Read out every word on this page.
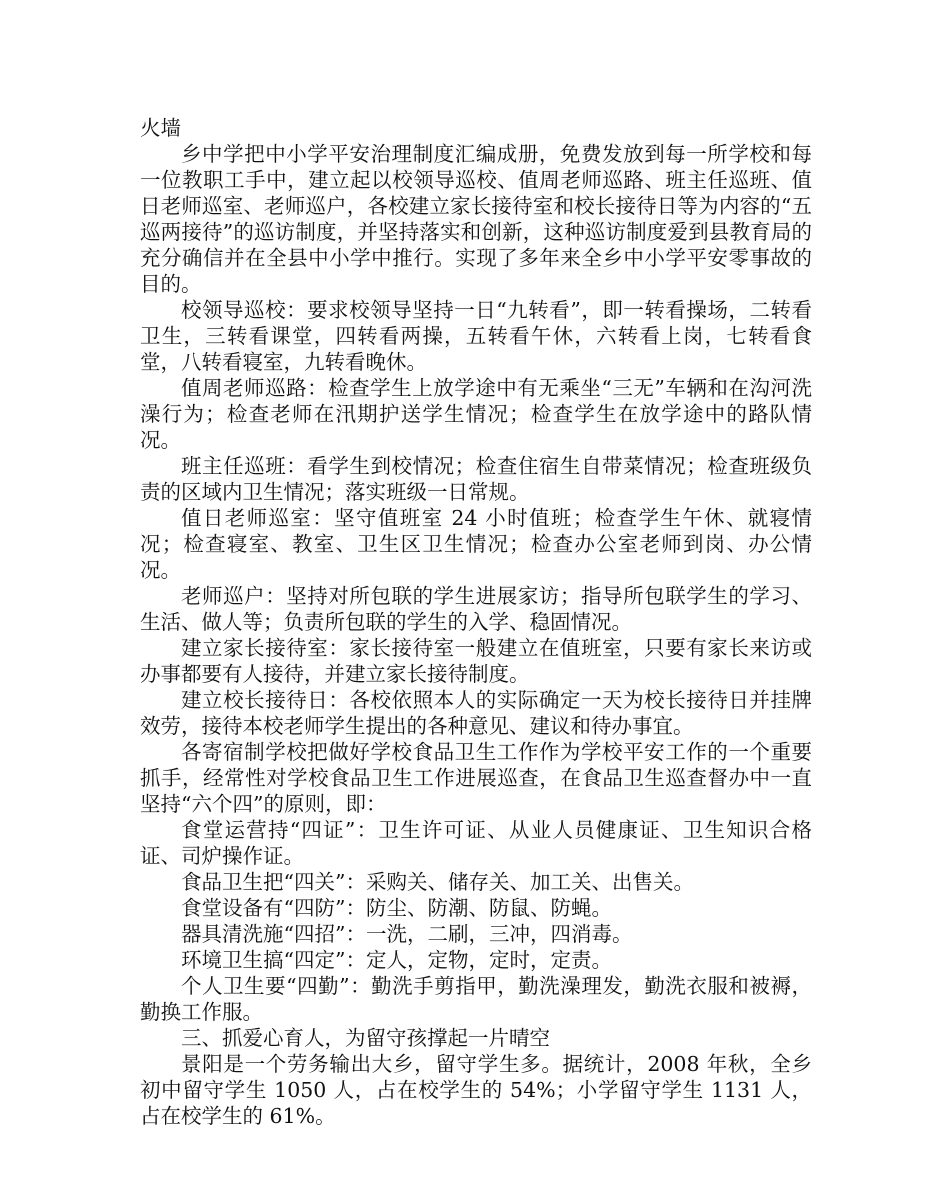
火墙

乡中学把中小学平安治理制度汇编成册，免费发放到每一所学校和每一位教职工手中，建立起以校领导巡校、值周老师巡路、班主任巡班、值日老师巡室、老师巡户，各校建立家长接待室和校长接待日等为内容的“五巡两接待”的巡访制度，并坚持落实和创新，这种巡访制度爱到县教育局的充分确信并在全县中小学中推行。实现了多年来全乡中小学平安零事故的目的。

校领导巡校：要求校领导坚持一日“九转看”，即一转看操场，二转看卫生，三转看课堂，四转看两操，五转看午休，六转看上岗，七转看食堂，八转看寝室，九转看晚休。

值周老师巡路：检查学生上放学途中有无乘坐“三无”车辆和在沟河洗澡行为；检查老师在汛期护送学生情况；检查学生在放学途中的路队情况。

班主任巡班：看学生到校情况；检查住宿生自带菜情况；检查班级负责的区域内卫生情况；落实班级一日常规。

值日老师巡室：坚守值班室 24 小时值班；检查学生午休、就寝情况；检查寝室、教室、卫生区卫生情况；检查办公室老师到岗、办公情况。

老师巡户：坚持对所包联的学生进展家访；指导所包联学生的学习、生活、做人等；负责所包联的学生的入学、稳固情况。

建立家长接待室：家长接待室一般建立在值班室，只要有家长来访或办事都要有人接待，并建立家长接待制度。

建立校长接待日：各校依照本人的实际确定一天为校长接待日并挂牌效劳，接待本校老师学生提出的各种意见、建议和待办事宜。

各寄宿制学校把做好学校食品卫生工作作为学校平安工作的一个重要抓手，经常性对学校食品卫生工作进展巡查，在食品卫生巡查督办中一直坚持“六个四”的原则，即：

食堂运营持“四证”：卫生许可证、从业人员健康证、卫生知识合格证、司炉操作证。

食品卫生把“四关”：采购关、储存关、加工关、出售关。

食堂设备有“四防”：防尘、防潮、防鼠、防蝇。

器具清洗施“四招”：一洗，二刷，三冲，四消毒。

环境卫生搞“四定”：定人，定物，定时，定责。

个人卫生要“四勤”：勤洗手剪指甲，勤洗澡理发，勤洗衣服和被褥，勤换工作服。

三、抓爱心育人，为留守孩撑起一片晴空

景阳是一个劳务输出大乡，留守学生多。据统计，2008 年秋，全乡初中留守学生 1050 人，占在校学生的 54%；小学留守学生 1131 人，占在校学生的 61%。
